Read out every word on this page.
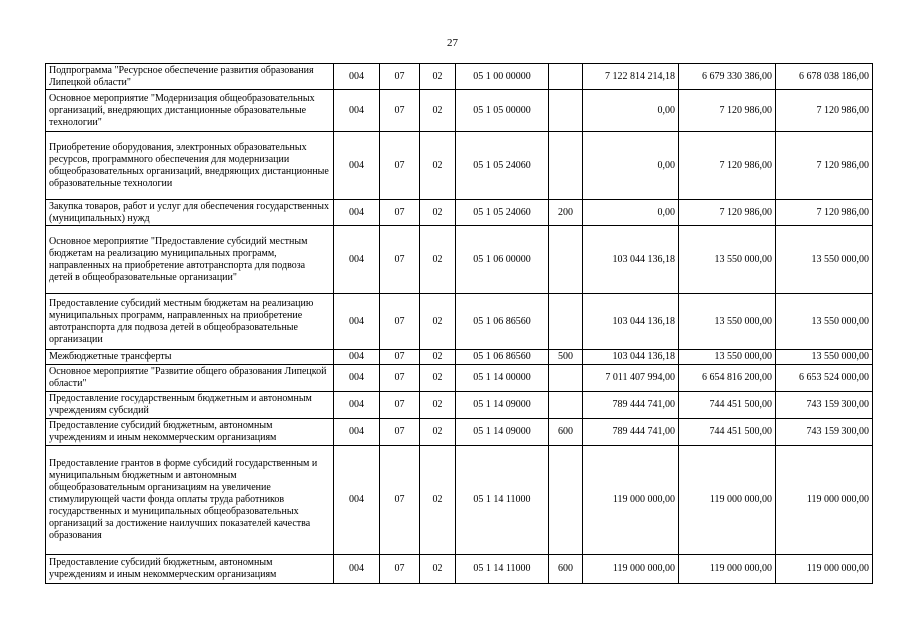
27
Подпрограмма "Ресурсное обеспечение развития образования Липецкой области"	004	07	02	05 1 00 00000		7 122 814 214,18	6 679 330 386,00	6 678 038 186,00
Основное мероприятие "Модернизация общеобразовательных организаций, внедряющих дистанционные образовательные технологии"	004	07	02	05 1 05 00000		0,00	7 120 986,00	7 120 986,00
Приобретение оборудования, электронных образовательных ресурсов, программного обеспечения для модернизации общеобразовательных организаций, внедряющих дистанционные образовательные технологии	004	07	02	05 1 05 24060		0,00	7 120 986,00	7 120 986,00
Закупка товаров, работ и услуг для обеспечения государственных (муниципальных) нужд	004	07	02	05 1 05 24060	200	0,00	7 120 986,00	7 120 986,00
Основное мероприятие "Предоставление субсидий местным бюджетам на реализацию муниципальных программ, направленных на приобретение автотранспорта для подвоза детей в общеобразовательные организации"	004	07	02	05 1 06 00000		103 044 136,18	13 550 000,00	13 550 000,00
Предоставление субсидий местным бюджетам на реализацию муниципальных программ, направленных на приобретение автотранспорта для подвоза детей в общеобразовательные организации	004	07	02	05 1 06 86560		103 044 136,18	13 550 000,00	13 550 000,00
Межбюджетные трансферты	004	07	02	05 1 06 86560	500	103 044 136,18	13 550 000,00	13 550 000,00
Основное мероприятие "Развитие общего образования Липецкой области"	004	07	02	05 1 14 00000		7 011 407 994,00	6 654 816 200,00	6 653 524 000,00
Предоставление государственным бюджетным и автономным учреждениям субсидий	004	07	02	05 1 14 09000		789 444 741,00	744 451 500,00	743 159 300,00
Предоставление субсидий бюджетным, автономным учреждениям и иным некоммерческим организациям	004	07	02	05 1 14 09000	600	789 444 741,00	744 451 500,00	743 159 300,00
Предоставление грантов в форме субсидий государственным и муниципальным бюджетным и автономным общеобразовательным организациям на увеличение стимулирующей части фонда оплаты труда работников государственных и муниципальных общеобразовательных организаций за достижение наилучших показателей качества образования	004	07	02	05 1 14 11000		119 000 000,00	119 000 000,00	119 000 000,00
Предоставление субсидий бюджетным, автономным учреждениям и иным некоммерческим организациям	004	07	02	05 1 14 11000	600	119 000 000,00	119 000 000,00	119 000 000,00
